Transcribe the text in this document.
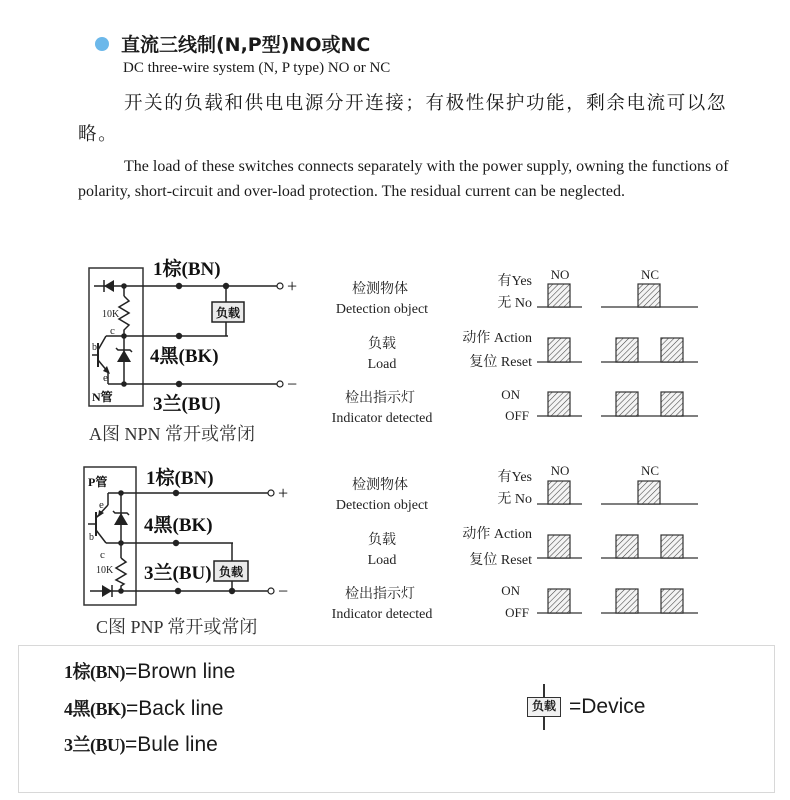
直流三线制(N,P型)NO或NC
DC three-wire system (N, P type) NO or NC
开关的负载和供电电源分开连接；有极性保护功能，剩余电流可以忽略。
The load of these switches connects separately with the power supply, owning the functions of polarity, short-circuit and over-load protection. The residual current can be neglected.
10K
c
b
e
N管
负载
+
−
1棕(BN)
4黑(BK)
3兰(BU)
A图 NPN 常开或常闭
P管
10K
e
b
c
负载
+
−
1棕(BN)
4黑(BK)
3兰(BU)
C图 PNP 常开或常闭
检测物体
Detection object
负载
Load
检出指示灯
Indicator detected
有Yes
无 No
动作 Action
复位 Reset
ON
OFF
NO	NC
检测物体
Detection object
负载
Load
检出指示灯
Indicator detected
有Yes
无 No
动作 Action
复位 Reset
ON
OFF
NO	NC
1棕(BN) =Brown line
4黑(BK) =Back line
3兰(BU) =Bule line
负载 =Device
